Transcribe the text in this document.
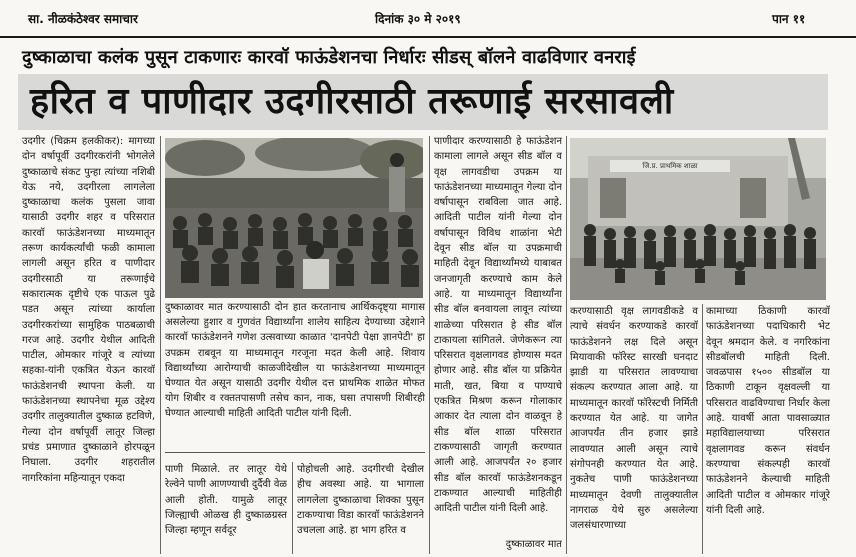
सा. नीळकंठेश्वर समाचार	दिनांक ३० मे २०१९	पान ११
दुष्काळाचा कलंक पुसून टाकणारः कारवॉ फाऊंडेशनचा निर्धारः सीडस् बॉलने वाढविणार वनराई
हरित व पाणीदार उदगीरसाठी तरूणाई सरसावली

उदगीर (चिक्रम हलकीकर): मागच्या दोन वर्षापूर्वी उदगीरकरांनी भोगलेले दुष्काळाचे संकट पुन्हा त्यांच्या नशिबी येऊ नये, उदगीरला लागलेला दुष्काळाचा कलंक पुसला जावा यासाठी उदगीर शहर व परिसरात कारवॉ फाऊंडेशनच्या माध्यमातून तरूण कार्यकर्त्यांची फळी कामाला लागली असून हरित व पाणीदार उदगीरसाठी या तरूणाईचे सकारात्मक दृष्टीचे एक पाऊल पुढे पडत असून त्यांच्या कार्याला उदगीरकरांच्या सामुहिक पाठबळाची गरज आहे. उदगीर येथील आदिती पाटील, ओमकार गांजूरे व त्यांच्या सहका-यांनी एकत्रित येऊन कारवॉ फाऊंडेशनची स्थापना केली. या फाऊंडेशनच्या स्थापनेचा मूळ उद्देश्य उदगीर तालुक्यातील दुष्काळ हटविणे, गेल्या दोन वर्षापूर्वी लातूर जिल्हा प्रचंड प्रमाणात दुष्काळाने होरपळून निघाला. उदगीर शहरातील नागरिकांना महिन्यातून एकदा

दुष्काळावर मात करण्यासाठी दोन हात करतानाच आर्थिकदृष्ट्या मागास असलेल्या हुशार व गुणवंत विद्यार्थ्यांना शालेय साहित्य देण्याच्या उद्देशाने कारवॉ फाऊंडेशनने गणेश उत्सवाच्या काळात 'दानपेटी पेक्षा ज्ञानपेटी' हा उपक्रम राबवून या माध्यमातून गरजूना मदत केली आहे. शिवाय विद्यार्थ्यांच्या आरोग्याची काळजीदेखील या फाऊंडेशनच्या माध्यमातून घेण्यात येत असून यासाठी उदगीर येथील दत्त प्राथमिक शाळेत मोफत योग शिबीर व रक्ततपासणी तसेच कान, नाक, घसा तपासणी शिबीरही घेण्यात आल्याची माहिती आदिती पाटील यांनी दिली.

पाणी मिळाले. तर लातूर येथे रेल्वेने पाणी आणण्याची दुर्दैवी वेळ आली होती. यामुळे लातूर जिल्ह्याची ओळख ही दुष्काळग्रस्त जिल्हा म्हणून सर्वदूर

पोहोचली आहे. उदगीरची देखील हीच अवस्था आहे. या भागाला लागलेला दुष्काळाचा शिक्का पुसून टाकण्याचा विडा कारवॉ फाऊंडेशनने उचलला आहे. हा भाग हरित व

पाणीदार करण्यासाठी हे फाऊंडेशन कामाला लागले असून सीड बॉल व वृक्ष लागवडीचा उपक्रम या फाऊंडेशनच्या माध्यमातून गेल्या दोन वर्षापासून राबविला जात आहे. आदिती पाटील यांनी गेल्या दोन वर्षापासून विविध शाळांना भेटी देवून सीड बॉल या उपक्रमाची माहिती देवून विद्यार्थ्यांमध्ये याबाबत जनजागृती करण्याचे काम केले आहे. या माध्यमातून विद्यार्थ्यांना सीड बॉल बनवायला लावून त्यांच्या शाळेच्या परिसरात हे सीड बॉल टाकायला सांगितले. जेणेकरून त्या परिसरात वृक्षलागवड होण्यास मदत होणार आहे. सीड बॉल या प्रक्रियेत माती, खत, बिया व पाण्याचे एकत्रित मिश्रण करून गोलाकार आकार देत त्याला दोन वाळवून हे सीड बॉल शाळा परिसरात टाकण्यासाठी जागृती करण्यात आली आहे. आजपर्यंत २० हजार सीड बॉल कारवॉ फाऊंडेशनकडून टाकण्यात आल्याची माहितीही आदिती पाटील यांनी दिली आहे.

दुष्काळावर मात

जि.प्र. प्राथमिक शाळा

करण्यासाठी वृक्ष लागवडीकडे व त्याचे संवर्धन करण्याकडे कारवॉ फाऊंडेशनने लक्ष दिले असून मियावाकी फॉरेस्ट सारखी घनदाट झाडी या परिसरात लावण्याचा संकल्प करण्यात आला आहे. या माध्यमातून कारवॉ फॉरेस्टची निर्मिती करण्यात येत आहे. या जागेत आजपर्यंत तीन हजार झाडे लावण्यात आली असून त्याचे संगोपनही करण्यात येत आहे. नुकतेच पाणी फाऊंडेशनच्या माध्यमातून देवणी तालुक्यातील नागराळ येथे सुरु असलेल्या जलसंधारणाच्या

कामाच्या ठिकाणी कारवॉ फाऊंडेशनच्या पदाधिकारी भेट देवून श्रमदान केले. व नगरिकांना सीडबॉलची माहिती दिली. जवळपास १५०० सीडबॉल या ठिकाणी टाकून वृक्षवल्ली या परिसरात वाढविण्याचा निर्धार केला आहे. यावर्षी आता पावसाळ्यात महाविद्यालयाच्या परिसरात वृक्षलागवड करून संवर्धन करण्याचा संकल्पही कारवॉ फाऊंडेशनने केल्याची माहिती आदिती पाटील व ओमकार गांजूरे यांनी दिली आहे.
